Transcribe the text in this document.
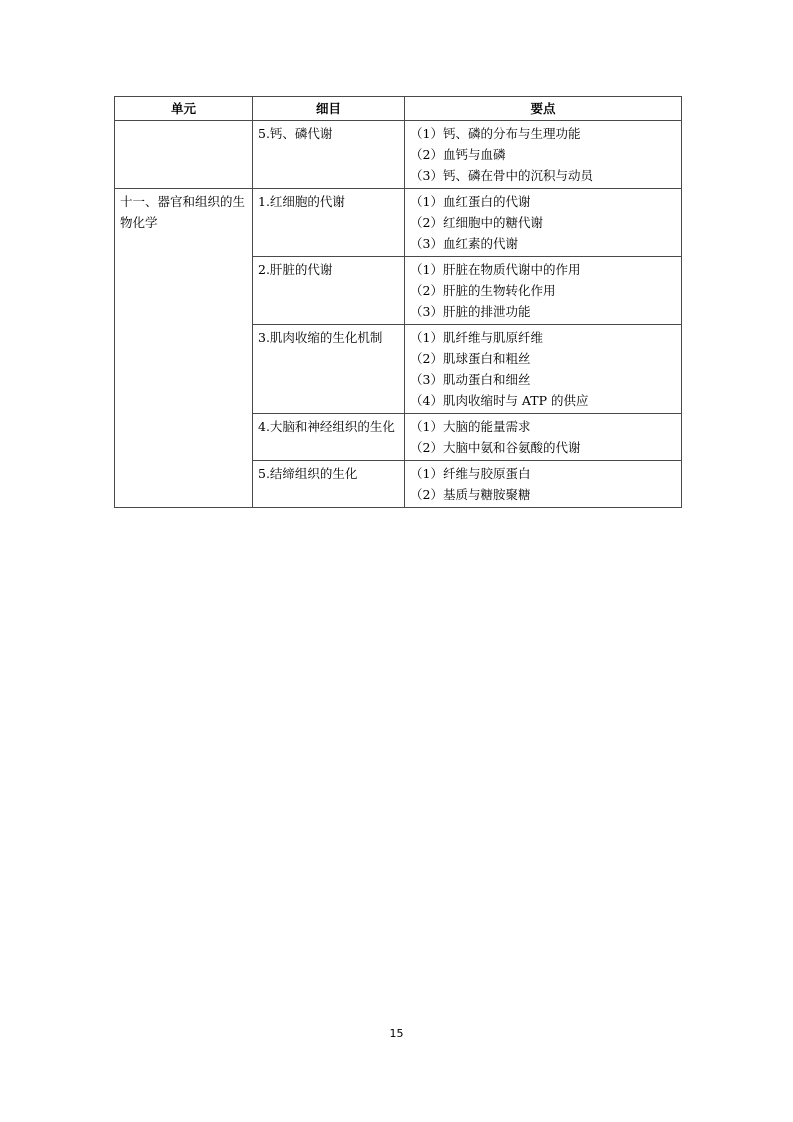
单元	细目	要点
	5.钙、磷代谢	（1）钙、磷的分布与生理功能
（2）血钙与血磷
（3）钙、磷在骨中的沉积与动员

十一、器官和组织的生物化学	1.红细胞的代谢	（1）血红蛋白的代谢
（2）红细胞中的糖代谢
（3）血红素的代谢

	2.肝脏的代谢	（1）肝脏在物质代谢中的作用
（2）肝脏的生物转化作用
（3）肝脏的排泄功能

	3.肌肉收缩的生化机制	（1）肌纤维与肌原纤维
（2）肌球蛋白和粗丝
（3）肌动蛋白和细丝
（4）肌肉收缩时与 ATP 的供应

	4.大脑和神经组织的生化	（1）大脑的能量需求
（2）大脑中氨和谷氨酸的代谢

	5.结缔组织的生化	（1）纤维与胶原蛋白
（2）基质与糖胺聚糖
15
